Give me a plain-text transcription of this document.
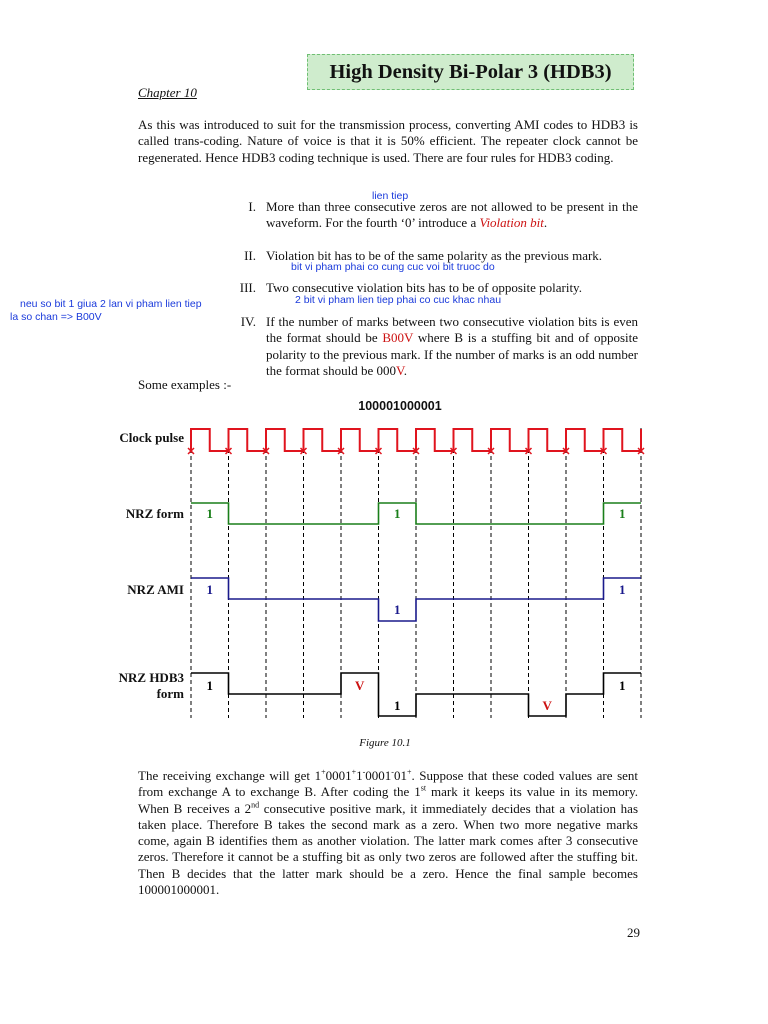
High Density Bi-Polar 3 (HDB3)
Chapter 10
As this was introduced to suit for the transmission process, converting AMI codes to HDB3 is called trans-coding. Nature of voice is that it is 50% efficient. The repeater clock cannot be regenerated. Hence HDB3 coding technique is used. There are four rules for HDB3 coding.
lien tiep
I. More than three consecutive zeros are not allowed to be present in the waveform. For the fourth ‘0’ introduce a Violation bit.
II. Violation bit has to be of the same polarity as the previous mark.
bit vi pham phai co cung cuc voi bit truoc do
III. Two consecutive violation bits has to be of opposite polarity.
2 bit vi pham lien tiep phai co cuc khac nhau
neu so bit 1 giua 2 lan vi pham lien tiep
la so chan => B00V	IV. If the number of marks between two consecutive violation bits is even the format should be B00V where B is a stuffing bit and of opposite polarity to the previous mark. If the number of marks is an odd number the format should be 000V.
Some examples :-
100001000001
Clock pulse
NRZ form
NRZ AMI
NRZ HDB3
form
1	1	1
1
1
1
1	V
1	V
1
Figure 10.1
The receiving exchange will get 1+0001+1-0001-01+. Suppose that these coded values are sent from exchange A to exchange B. After coding the 1st mark it keeps its value in its memory. When B receives a 2nd consecutive positive mark, it immediately decides that a violation has taken place. Therefore B takes the second mark as a zero. When two more negative marks come, again B identifies them as another violation. The latter mark comes after 3 consecutive zeros. Therefore it cannot be a stuffing bit as only two zeros are followed after the stuffing bit. Then B decides that the latter mark should be a zero. Hence the final sample becomes 100001000001.
29
